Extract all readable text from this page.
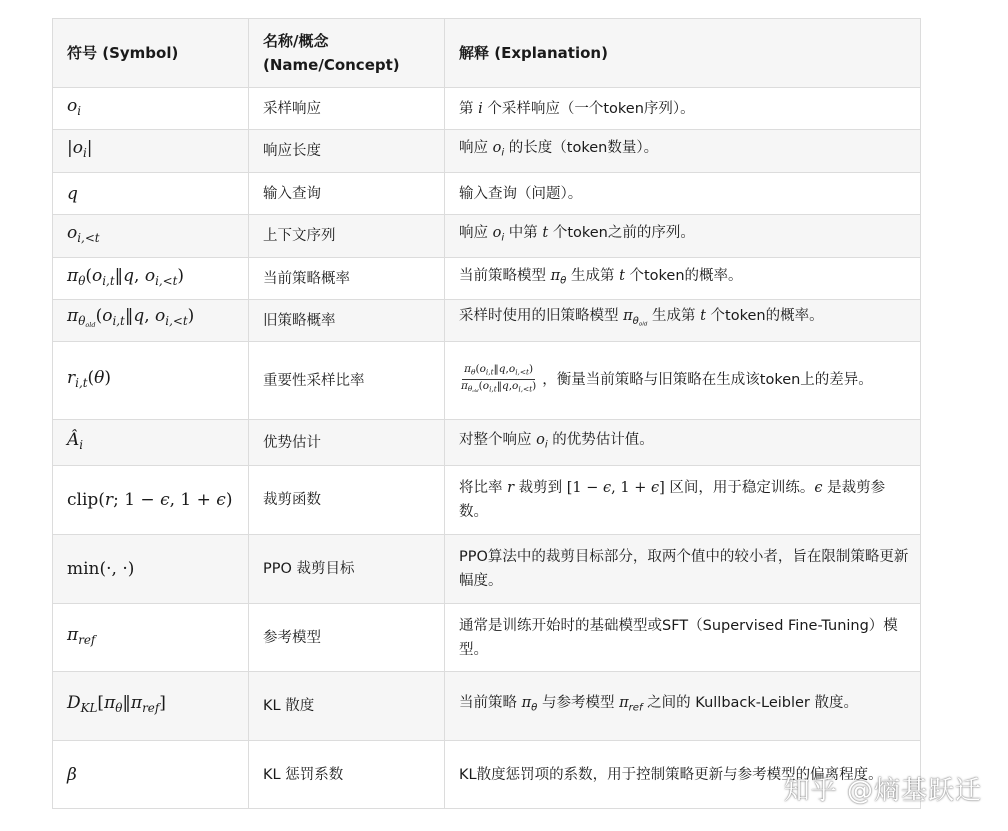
符号 (Symbol)	名称/概念 (Name/Concept)	解释 (Explanation)
$o_i$	采样响应	第 i 个采样响应（一个token序列）。
$|o_i|$	响应长度	响应 $o_i$ 的长度（token数量）。
q	输入查询	输入查询（问题）。
$o_{i,<t}$	上下文序列	响应 $o_i$ 中第 t 个token之前的序列。
$\pi_\theta(o_{i,t}‖q$, $o_{i,<t}$)	当前策略概率	当前策略模型 $\pi_\theta$ 生成第 t 个token的概率。
$\pi_{\theta old}(o_{i,t}‖q$, $o_{i,<t}$)	旧策略概率	采样时使用的旧策略模型 $\pi_{\theta old}$ 生成第 t 个token的概率。
$r_{i,t}(\theta)$	重要性采样比率	$\frac{\pi_\theta(o_{i,t}‖q,o_{i,<t})}{\pi_{\theta old}(o_{i,t}‖q,o_{i,<t})}$ ，衡量当前策略与旧策略在生成该token上的差异。
$Â_i$	优势估计	对整个响应 $o_i$ 的优势估计值。
clip(r; 1 − ϵ, 1 + ϵ)	裁剪函数	将比率 r 裁剪到 [1 − ϵ, 1 + ϵ] 区间，用于稳定训练。ϵ 是裁剪参数。
min(·, ·)	PPO 裁剪目标	PPO算法中的裁剪目标部分，取两个值中的较小者，旨在限制策略更新幅度。
$\pi_{ref}$	参考模型	通常是训练开始时的基础模型或SFT（Supervised Fine-Tuning）模型。
$D_{KL}[\pi_\theta‖\pi_{ref}]$	KL 散度	当前策略 $\pi_\theta$ 与参考模型 $\pi_{ref}$ 之间的 Kullback-Leibler 散度。
β	KL 惩罚系数	KL散度惩罚项的系数，用于控制策略更新与参考模型的偏离程度。
知乎 @熵基跃迁
